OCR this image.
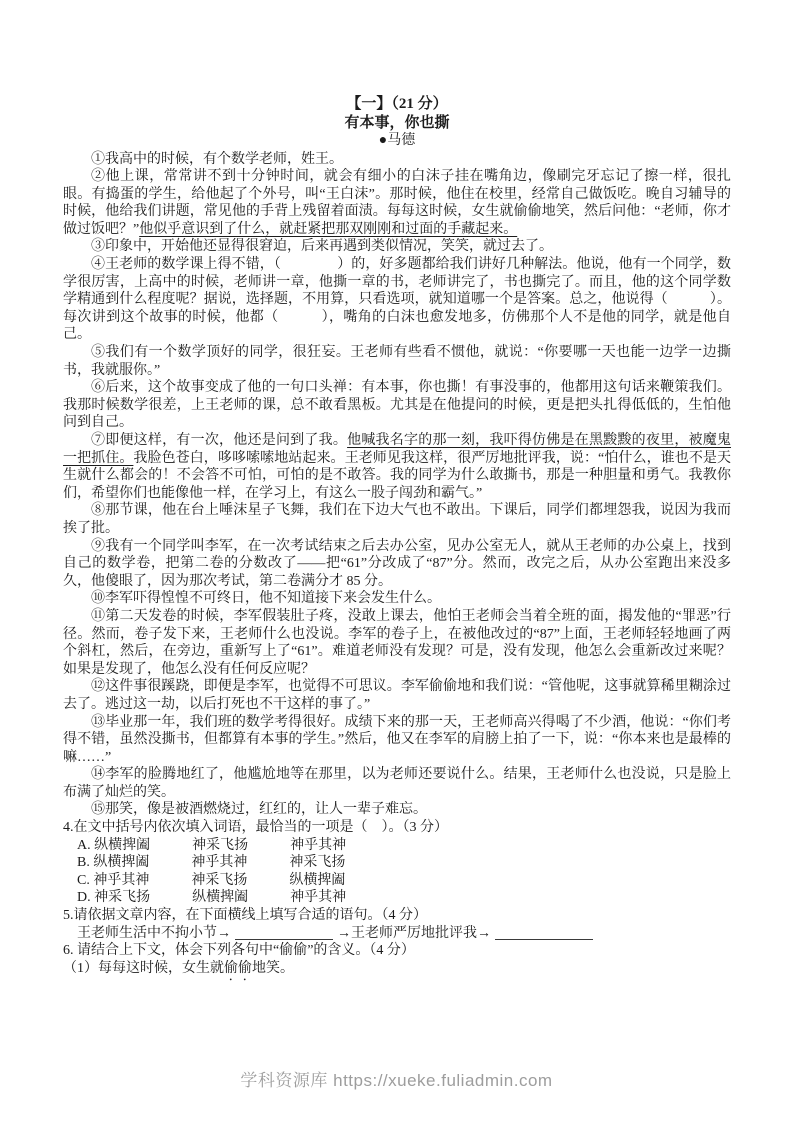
【一】（21 分）

有本事，你也撕

●马德

①我高中的时候，有个数学老师，姓王。

②他上课，常常讲不到十分钟时间，就会有细小的白沫子挂在嘴角边，像刷完牙忘记了擦一样，很扎眼。有捣蛋的学生，给他起了个外号，叫“王白沫”。那时候，他住在校里，经常自己做饭吃。晚自习辅导的时候，他给我们讲题，常见他的手背上残留着面渍。每每这时候，女生就偷偷地笑，然后问他：“老师，你才做过饭吧？”他似乎意识到了什么，就赶紧把那双刚刚和过面的手藏起来。

③印象中，开始他还显得很窘迫，后来再遇到类似情况，笑笑，就过去了。

④王老师的数学课上得不错，（　　　　）的，好多题都给我们讲好几种解法。他说，他有一个同学，数学很厉害，上高中的时候，老师讲一章，他撕一章的书，老师讲完了，书也撕完了。而且，他的这个同学数学精通到什么程度呢？据说，选择题，不用算，只看选项，就知道哪一个是答案。总之，他说得（　　　）。每次讲到这个故事的时候，他都（　　　），嘴角的白沫也愈发地多，仿佛那个人不是他的同学，就是他自己。

⑤我们有一个数学顶好的同学，很狂妄。王老师有些看不惯他，就说：“你要哪一天也能一边学一边撕书，我就服你。”

⑥后来，这个故事变成了他的一句口头禅：有本事，你也撕！有事没事的，他都用这句话来鞭策我们。我那时候数学很差，上王老师的课，总不敢看黑板。尤其是在他提问的时候，更是把头扎得低低的，生怕他问到自己。

⑦即便这样，有一次，他还是问到了我。他喊我名字的那一刻，我吓得仿佛是在黑黢黢的夜里，被魔鬼一把抓住。我脸色苍白，哆哆嗦嗦地站起来。王老师见我这样，很严厉地批评我，说：“怕什么，谁也不是天生就什么都会的！不会答不可怕，可怕的是不敢答。我的同学为什么敢撕书，那是一种胆量和勇气。我教你们，希望你们也能像他一样，在学习上，有这么一股子闯劲和霸气。”

⑧那节课，他在台上唾沫星子飞舞，我们在下边大气也不敢出。下课后，同学们都埋怨我，说因为我而挨了批。

⑨我有一个同学叫李军，在一次考试结束之后去办公室，见办公室无人，就从王老师的办公桌上，找到自己的数学卷，把第二卷的分数改了——把“61”分改成了“87”分。然而，改完之后，从办公室跑出来没多久，他傻眼了，因为那次考试，第二卷满分才 85 分。

⑩李军吓得惶惶不可终日，他不知道接下来会发生什么。

⑪第二天发卷的时候，李军假装肚子疼，没敢上课去，他怕王老师会当着全班的面，揭发他的“罪恶”行径。然而，卷子发下来，王老师什么也没说。李军的卷子上，在被他改过的“87”上面，王老师轻轻地画了两个斜杠，然后，在旁边，重新写上了“61”。难道老师没有发现？可是，没有发现，他怎么会重新改过来呢？如果是发现了，他怎么没有任何反应呢？

⑫这件事很蹊跷，即便是李军，也觉得不可思议。李军偷偷地和我们说：“管他呢，这事就算稀里糊涂过去了。逃过这一劫，以后打死也不干这样的事了。”

⑬毕业那一年，我们班的数学考得很好。成绩下来的那一天，王老师高兴得喝了不少酒，他说：“你们考得不错，虽然没撕书，但都算有本事的学生。”然后，他又在李军的肩膀上拍了一下，说：“你本来也是最棒的嘛……”

⑭李军的脸腾地红了，他尴尬地等在那里，以为老师还要说什么。结果，王老师什么也没说，只是脸上布满了灿烂的笑。

⑮那笑，像是被酒燃烧过，红红的，让人一辈子难忘。

4.在文中括号内依次填入词语，最恰当的一项是（　）。（3 分）

A. 纵横捭阖　　　神采飞扬　　　神乎其神

B. 纵横捭阖　　　神乎其神　　　神采飞扬

C. 神乎其神　　　神采飞扬　　　纵横捭阖

D. 神采飞扬　　　纵横捭阖　　　神乎其神

5.请依据文章内容，在下面横线上填写合适的语句。（4 分）

王老师生活中不拘小节→	→王老师严厉地批评我→

6. 请结合上下文，体会下列各句中“偷偷”的含义。（4 分）

（1）每每这时候，女生就偷偷地笑。

学科资源库 https://xueke.fuliadmin.com
